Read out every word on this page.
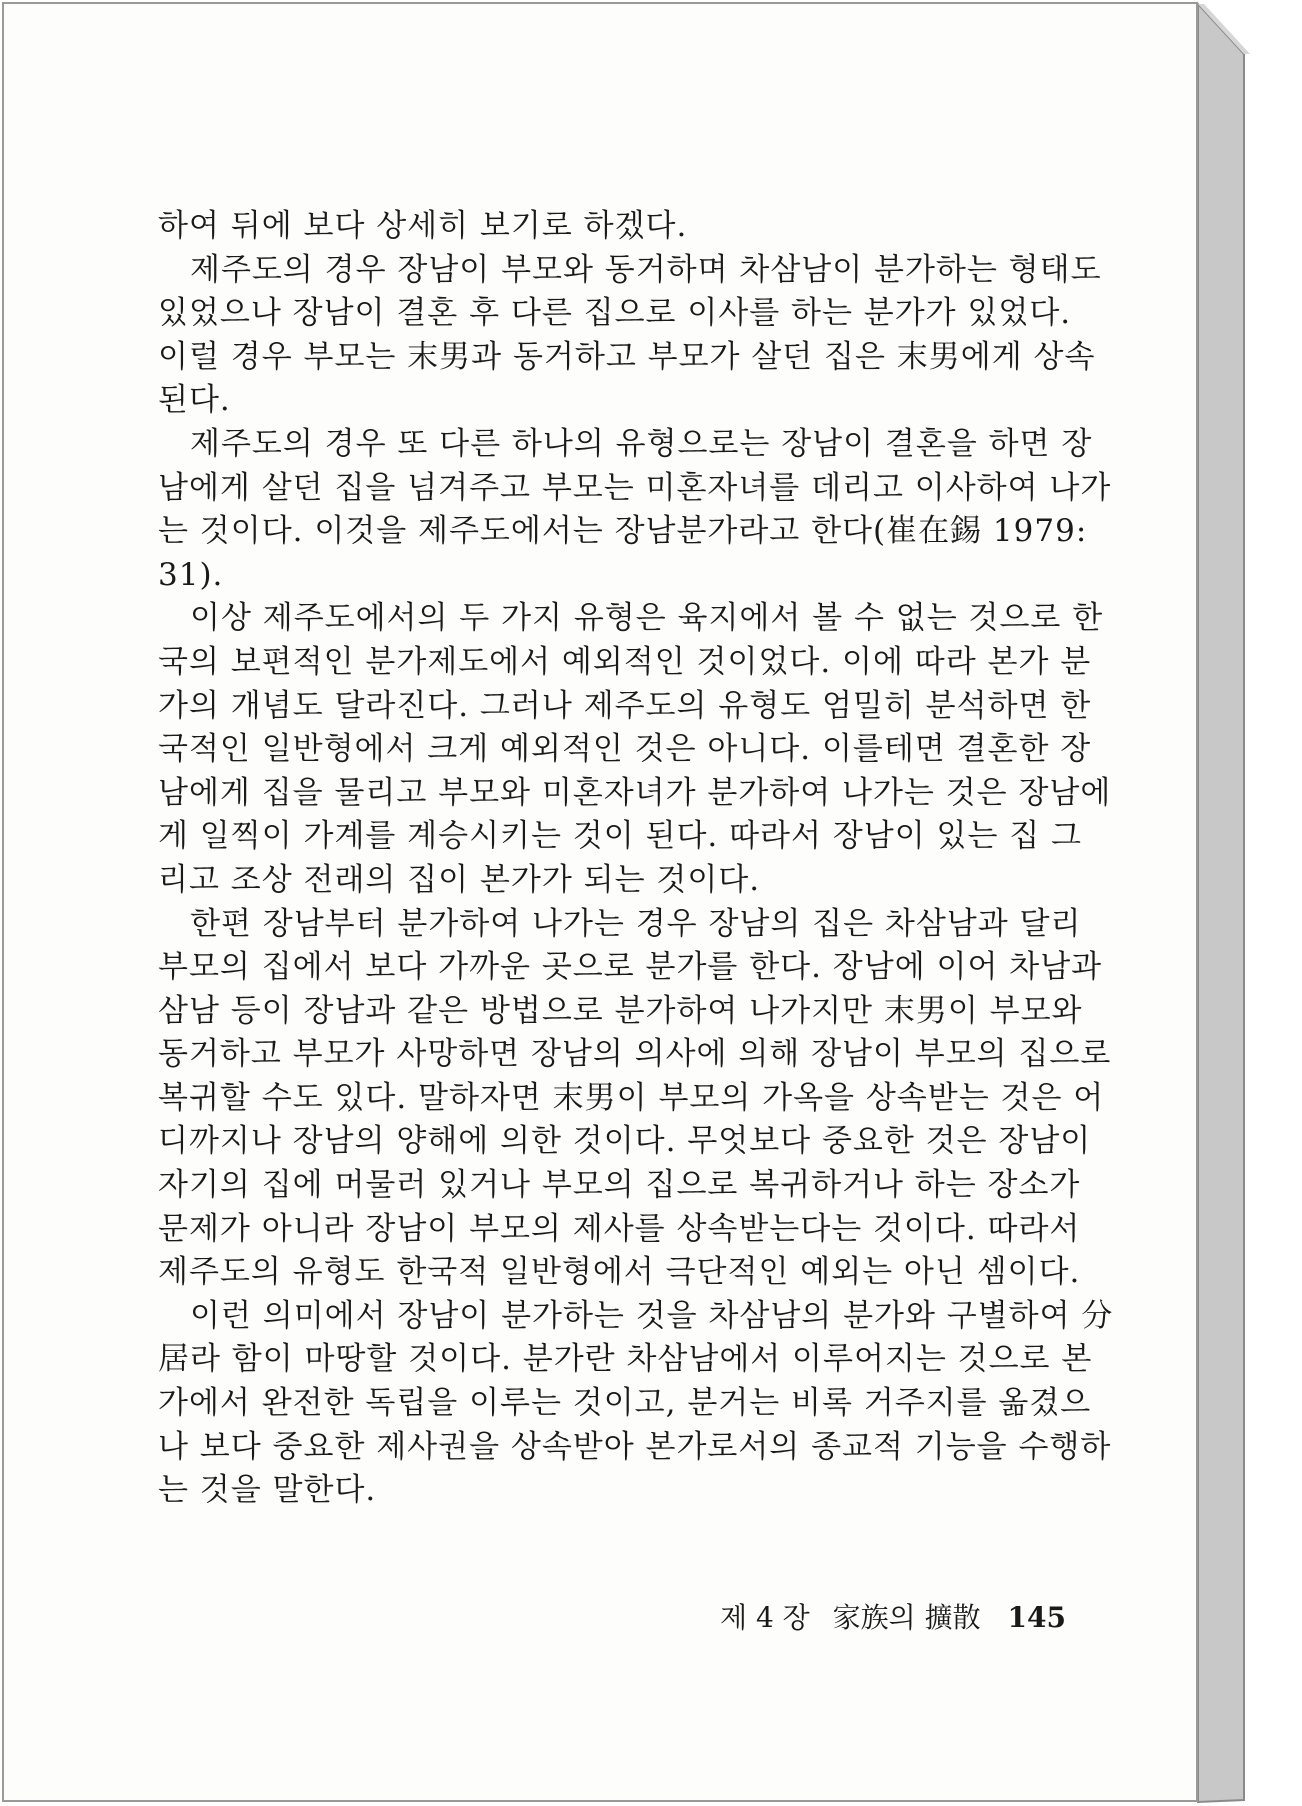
하여 뒤에 보다 상세히 보기로 하겠다.
제주도의 경우 장남이 부모와 동거하며 차삼남이 분가하는 형태도
있었으나 장남이 결혼 후 다른 집으로 이사를 하는 분가가 있었다.
이럴 경우 부모는 末男과 동거하고 부모가 살던 집은 末男에게 상속
된다.
제주도의 경우 또 다른 하나의 유형으로는 장남이 결혼을 하면 장
남에게 살던 집을 넘겨주고 부모는 미혼자녀를 데리고 이사하여 나가
는 것이다. 이것을 제주도에서는 장남분가라고 한다(崔在錫 1979:
31).
이상 제주도에서의 두 가지 유형은 육지에서 볼 수 없는 것으로 한
국의 보편적인 분가제도에서 예외적인 것이었다. 이에 따라 본가 분
가의 개념도 달라진다. 그러나 제주도의 유형도 엄밀히 분석하면 한
국적인 일반형에서 크게 예외적인 것은 아니다. 이를테면 결혼한 장
남에게 집을 물리고 부모와 미혼자녀가 분가하여 나가는 것은 장남에
게 일찍이 가계를 계승시키는 것이 된다. 따라서 장남이 있는 집 그
리고 조상 전래의 집이 본가가 되는 것이다.
한편 장남부터 분가하여 나가는 경우 장남의 집은 차삼남과 달리
부모의 집에서 보다 가까운 곳으로 분가를 한다. 장남에 이어 차남과
삼남 등이 장남과 같은 방법으로 분가하여 나가지만 末男이 부모와
동거하고 부모가 사망하면 장남의 의사에 의해 장남이 부모의 집으로
복귀할 수도 있다. 말하자면 末男이 부모의 가옥을 상속받는 것은 어
디까지나 장남의 양해에 의한 것이다. 무엇보다 중요한 것은 장남이
자기의 집에 머물러 있거나 부모의 집으로 복귀하거나 하는 장소가
문제가 아니라 장남이 부모의 제사를 상속받는다는 것이다. 따라서
제주도의 유형도 한국적 일반형에서 극단적인 예외는 아닌 셈이다.
이런 의미에서 장남이 분가하는 것을 차삼남의 분가와 구별하여 分
居라 함이 마땅할 것이다. 분가란 차삼남에서 이루어지는 것으로 본
가에서 완전한 독립을 이루는 것이고, 분거는 비록 거주지를 옮겼으
나 보다 중요한 제사권을 상속받아 본가로서의 종교적 기능을 수행하
는 것을 말한다.
제 4 장 家族의 擴散 145
